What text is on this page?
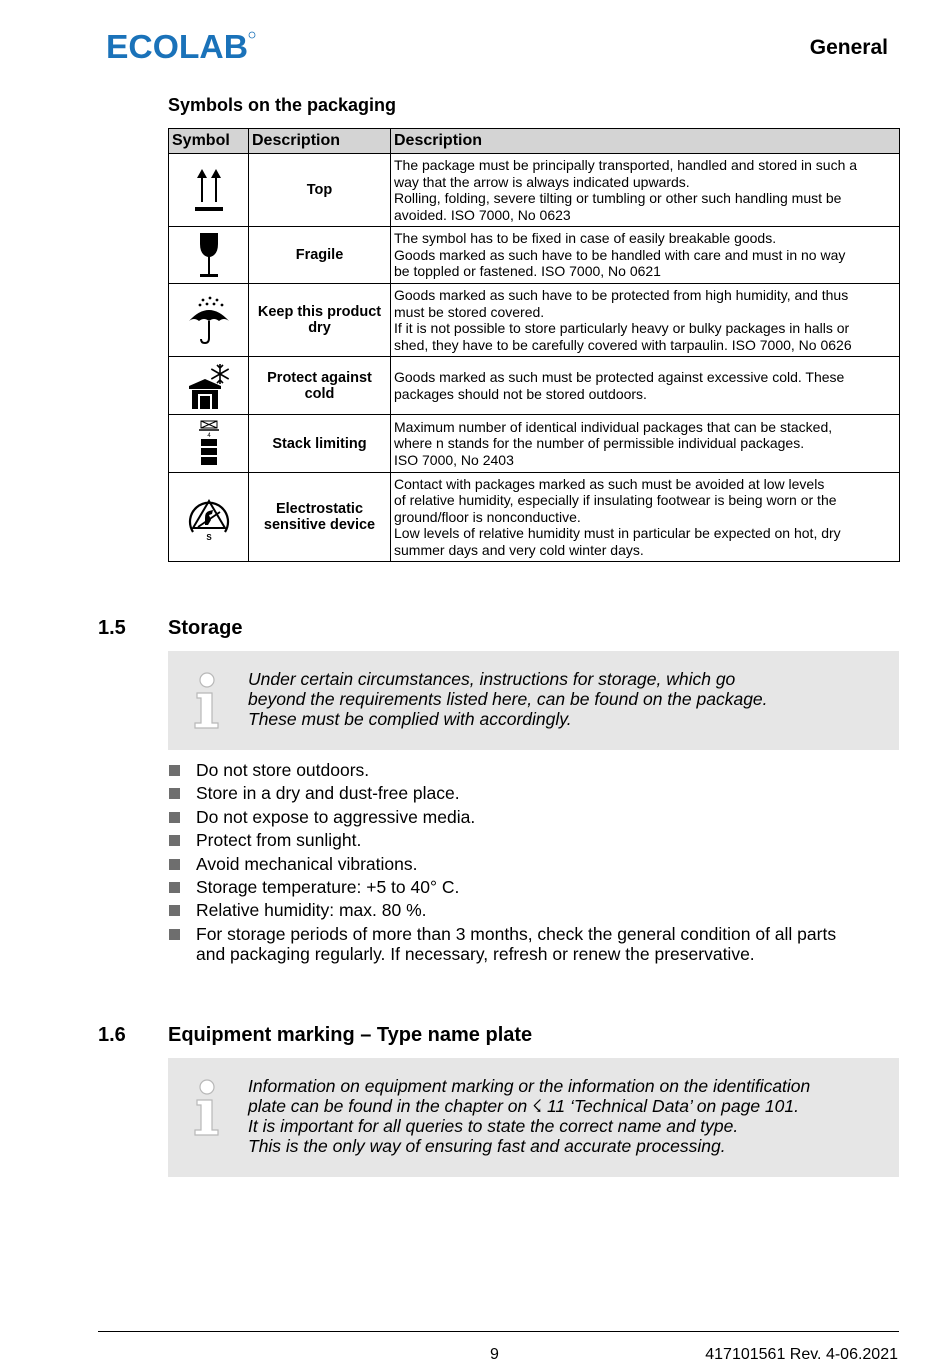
ECOLAB	General
Symbols on the packaging
Symbol	Description	Description

	Top	The package must be principally transported, handled and stored in such a
way that the arrow is always indicated upwards.
Rolling, folding, severe tilting or tumbling or other such handling must be
avoided. ISO 7000, No 0623

	Fragile	The symbol has to be fixed in case of easily breakable goods.
Goods marked as such have to be handled with care and must in no way
be toppled or fastened. ISO 7000, No 0621

	Keep this product dry	Goods marked as such have to be protected from high humidity, and thus
must be stored covered.
If it is not possible to store particularly heavy or bulky packages in halls or
shed, they have to be carefully covered with tarpaulin. ISO 7000, No 0626

	Protect against cold	Goods marked as such must be protected against excessive cold. These
packages should not be stored outdoors.

4	Stack limiting	Maximum number of identical individual packages that can be stacked,
where n stands for the number of permissible individual packages.
ISO 7000, No 2403

S	Electrostatic sensitive device	Contact with packages marked as such must be avoided at low levels
of relative humidity, especially if insulating footwear is being worn or the
ground/floor is nonconductive.
Low levels of relative humidity must in particular be expected on hot, dry
summer days and very cold winter days.
1.5 Storage
Under certain circumstances, instructions for storage, which go
beyond the requirements listed here, can be found on the package.
These must be complied with accordingly.
Do not store outdoors.
Store in a dry and dust-free place.
Do not expose to aggressive media.
Protect from sunlight.
Avoid mechanical vibrations.
Storage temperature: +5 to 40° C.
Relative humidity: max. 80 %.
For storage periods of more than 3 months, check the general condition of all parts
and packaging regularly. If necessary, refresh or renew the preservative.
1.6 Equipment marking – Type name plate
Information on equipment marking or the information on the identification
plate can be found in the chapter on ☇ 11 ‘Technical Data’ on page 101.
It is important for all queries to state the correct name and type.
This is the only way of ensuring fast and accurate processing.
9	417101561 Rev. 4-06.2021
